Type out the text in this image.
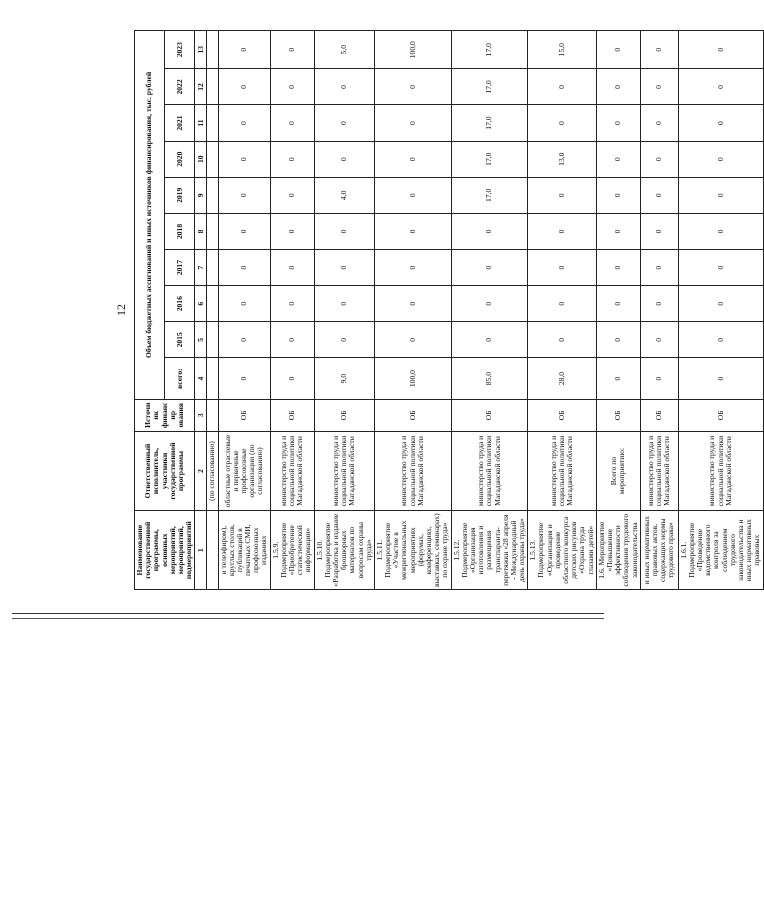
12
Наименование государственной программы, основных мероприятий, мероприятий, подмероприятий	Ответственный исполнитель, участники государственной программы	Источник финансир ования	Объем бюджетных ассигнований и иных источников финансирования, тыс. рублей									
			всего:	2015	2016	2017	2018	2019	2020	2021	2022	2023
1	2	3	4	5	6	7	8	9	10	11	12	13
	(по согласованию)											
и телеэфиром), круглых столов, публикаций в печатных СМИ, профсоюзных изданиях	областные отраслевые и первичные профсоюзные организации (по согласованию)	ОБ	0	0	0	0	0	0	0	0	0	0
1.5.9. Подмероприятие «Приобретение статистической информации»	министерство труда и социальной политики Магаданской области	ОБ	0	0	0	0	0	0	0	0	0	0
1.5.10. Подмероприятие «Разработка и издание брошюрных материалов по вопросам охраны труда»	министерство труда и социальной политики Магаданской области	ОБ	9,0	0	0	0	0	4,0	0	0	0	5,0
1.5.11. Подмероприятие «Участие в межрегиональных мероприятиях (форумах, конференциях, выставках, семинарах) по охране труда»	министерство труда и социальной политики Магаданской области	ОБ	100,0	0	0	0	0	0	0	0	0	100,0
1.5.12. Подмероприятие «Организация изготовления и размещения транспаранта-перетяжки «28 апреля - Международный день охраны труда»	министерство труда и социальной политики Магаданской области	ОБ	85,0	0	0	0	0	17,0	17,0	17,0	17,0	17,0
1.5.13. Подмероприятие «Организация и проведение областного конкурса детских рисунков «Охрана труда глазами детей»	министерство труда и социальной политики Магаданской области	ОБ	28,0	0	0	0	0	0	13,0	0	0	15,0
1.6. Мероприятие «Повышение эффективности соблюдения трудового законодательства	Всего по мероприятию:	ОБ	0	0	0	0	0	0	0	0	0	0
и иных нормативных правовых актов, содержащих нормы трудового права»	министерство труда и социальной политики Магаданской области	ОБ	0	0	0	0	0	0	0	0	0	0
1.6.1. Подмероприятие «Проведение ведомственного контроля за соблюдением трудового законодательства и иных нормативных правовых	министерство труда и социальной политики Магаданской области	ОБ	0	0	0	0	0	0	0	0	0	0
